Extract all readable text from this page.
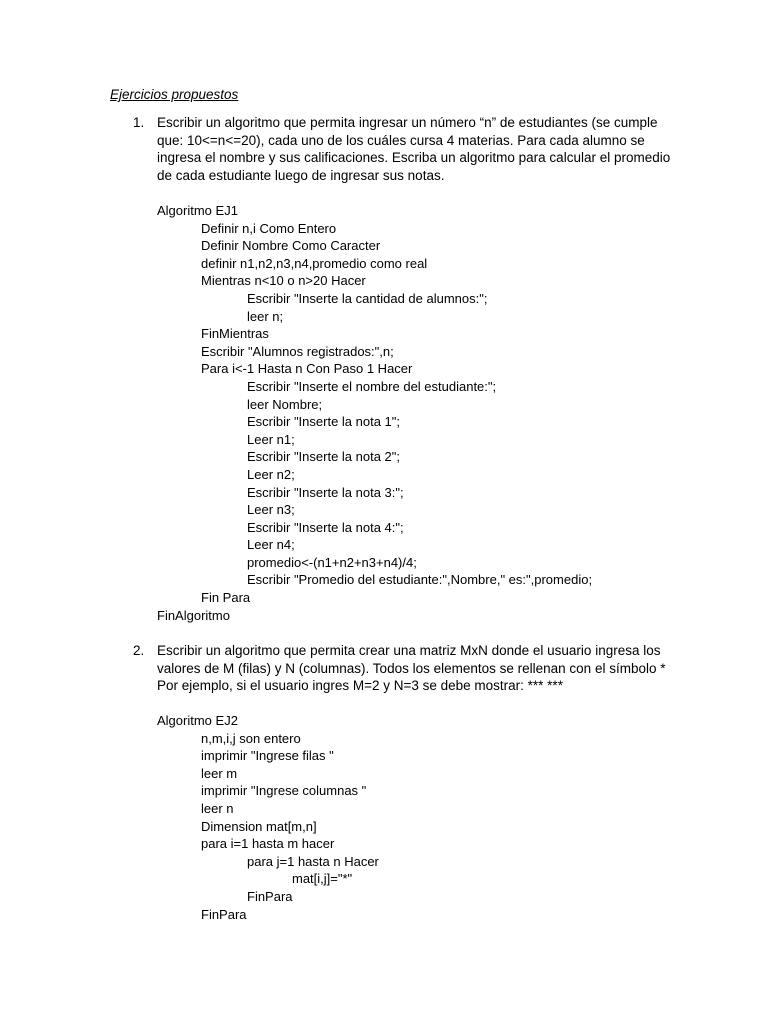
Ejercicios propuestos
1. Escribir un algoritmo que permita ingresar un número “n” de estudiantes (se cumple
que: 10<=n<=20), cada uno de los cuáles cursa 4 materias. Para cada alumno se
ingresa el nombre y sus calificaciones. Escriba un algoritmo para calcular el promedio
de cada estudiante luego de ingresar sus notas.
Algoritmo EJ1
Definir n,i Como Entero
Definir Nombre Como Caracter
definir n1,n2,n3,n4,promedio como real
Mientras n<10 o n>20 Hacer
Escribir "Inserte la cantidad de alumnos:";
leer n;
FinMientras
Escribir "Alumnos registrados:",n;
Para i<-1 Hasta n Con Paso 1 Hacer
Escribir "Inserte el nombre del estudiante:";
leer Nombre;
Escribir "Inserte la nota 1";
Leer n1;
Escribir "Inserte la nota 2";
Leer n2;
Escribir "Inserte la nota 3:";
Leer n3;
Escribir "Inserte la nota 4:";
Leer n4;
promedio<-(n1+n2+n3+n4)/4;
Escribir "Promedio del estudiante:",Nombre," es:",promedio;
Fin Para
FinAlgoritmo
2. Escribir un algoritmo que permita crear una matriz MxN donde el usuario ingresa los
valores de M (filas) y N (columnas). Todos los elementos se rellenan con el símbolo *
Por ejemplo, si el usuario ingres M=2 y N=3 se debe mostrar: *** ***
Algoritmo EJ2
n,m,i,j son entero
imprimir "Ingrese filas "
leer m
imprimir "Ingrese columnas "
leer n
Dimension mat[m,n]
para i=1 hasta m hacer
para j=1 hasta n Hacer
mat[i,j]="*"
FinPara
FinPara
